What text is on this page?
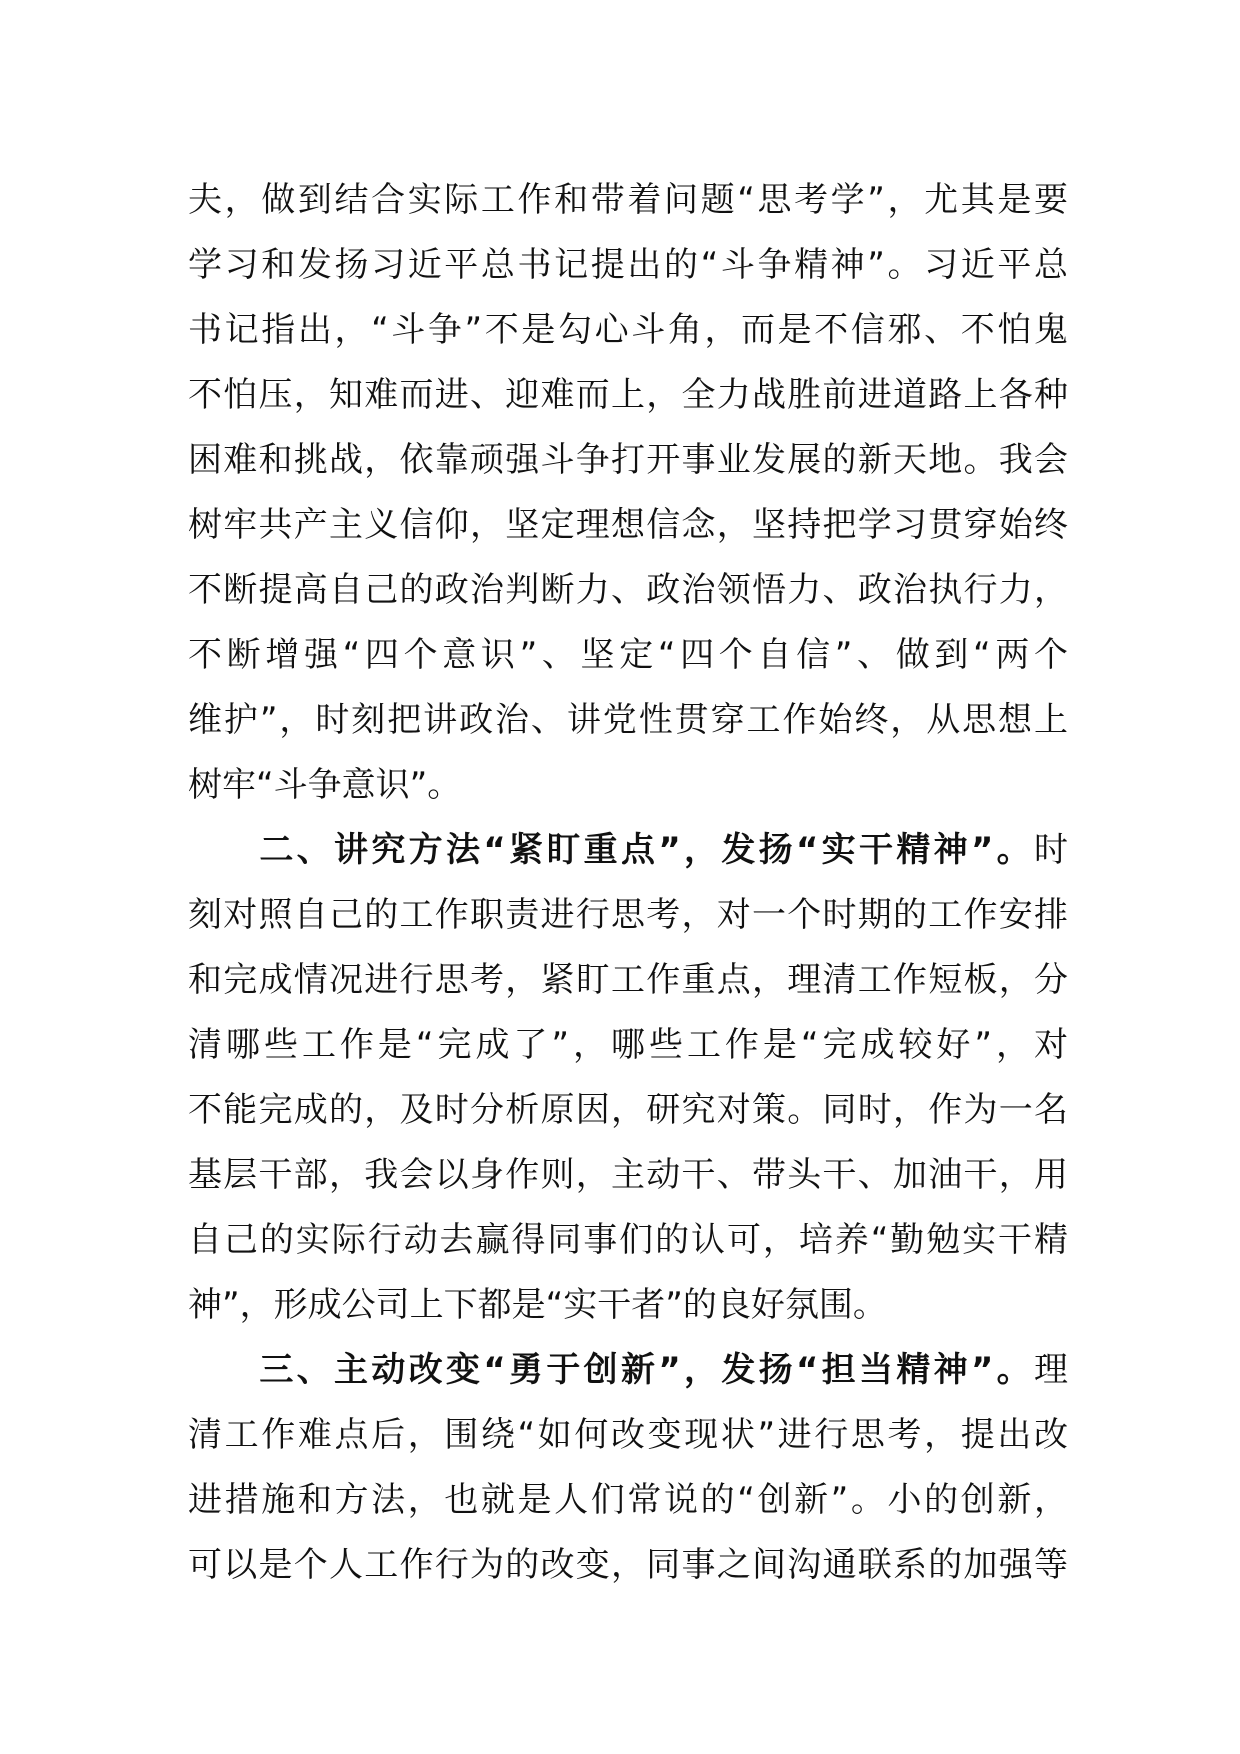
夫，做到结合实际工作和带着问题“思考学”，尤其是要
学习和发扬习近平总书记提出的“斗争精神”。习近平总
书记指出，“斗争”不是勾心斗角，而是不信邪、不怕鬼
不怕压，知难而进、迎难而上，全力战胜前进道路上各种
困难和挑战，依靠顽强斗争打开事业发展的新天地。我会
树牢共产主义信仰，坚定理想信念，坚持把学习贯穿始终
不断提高自己的政治判断力、政治领悟力、政治执行力，
不断增强“四个意识”、坚定“四个自信”、做到“两个
维护”，时刻把讲政治、讲党性贯穿工作始终，从思想上
树牢“斗争意识”。
二、讲究方法“紧盯重点”，发扬“实干精神”。时
刻对照自己的工作职责进行思考，对一个时期的工作安排
和完成情况进行思考，紧盯工作重点，理清工作短板，分
清哪些工作是“完成了”，哪些工作是“完成较好”，对
不能完成的，及时分析原因，研究对策。同时，作为一名
基层干部，我会以身作则，主动干、带头干、加油干，用
自己的实际行动去赢得同事们的认可，培养“勤勉实干精
神”，形成公司上下都是“实干者”的良好氛围。
三、主动改变“勇于创新”，发扬“担当精神”。理
清工作难点后，围绕“如何改变现状”进行思考，提出改
进措施和方法，也就是人们常说的“创新”。小的创新，
可以是个人工作行为的改变，同事之间沟通联系的加强等
